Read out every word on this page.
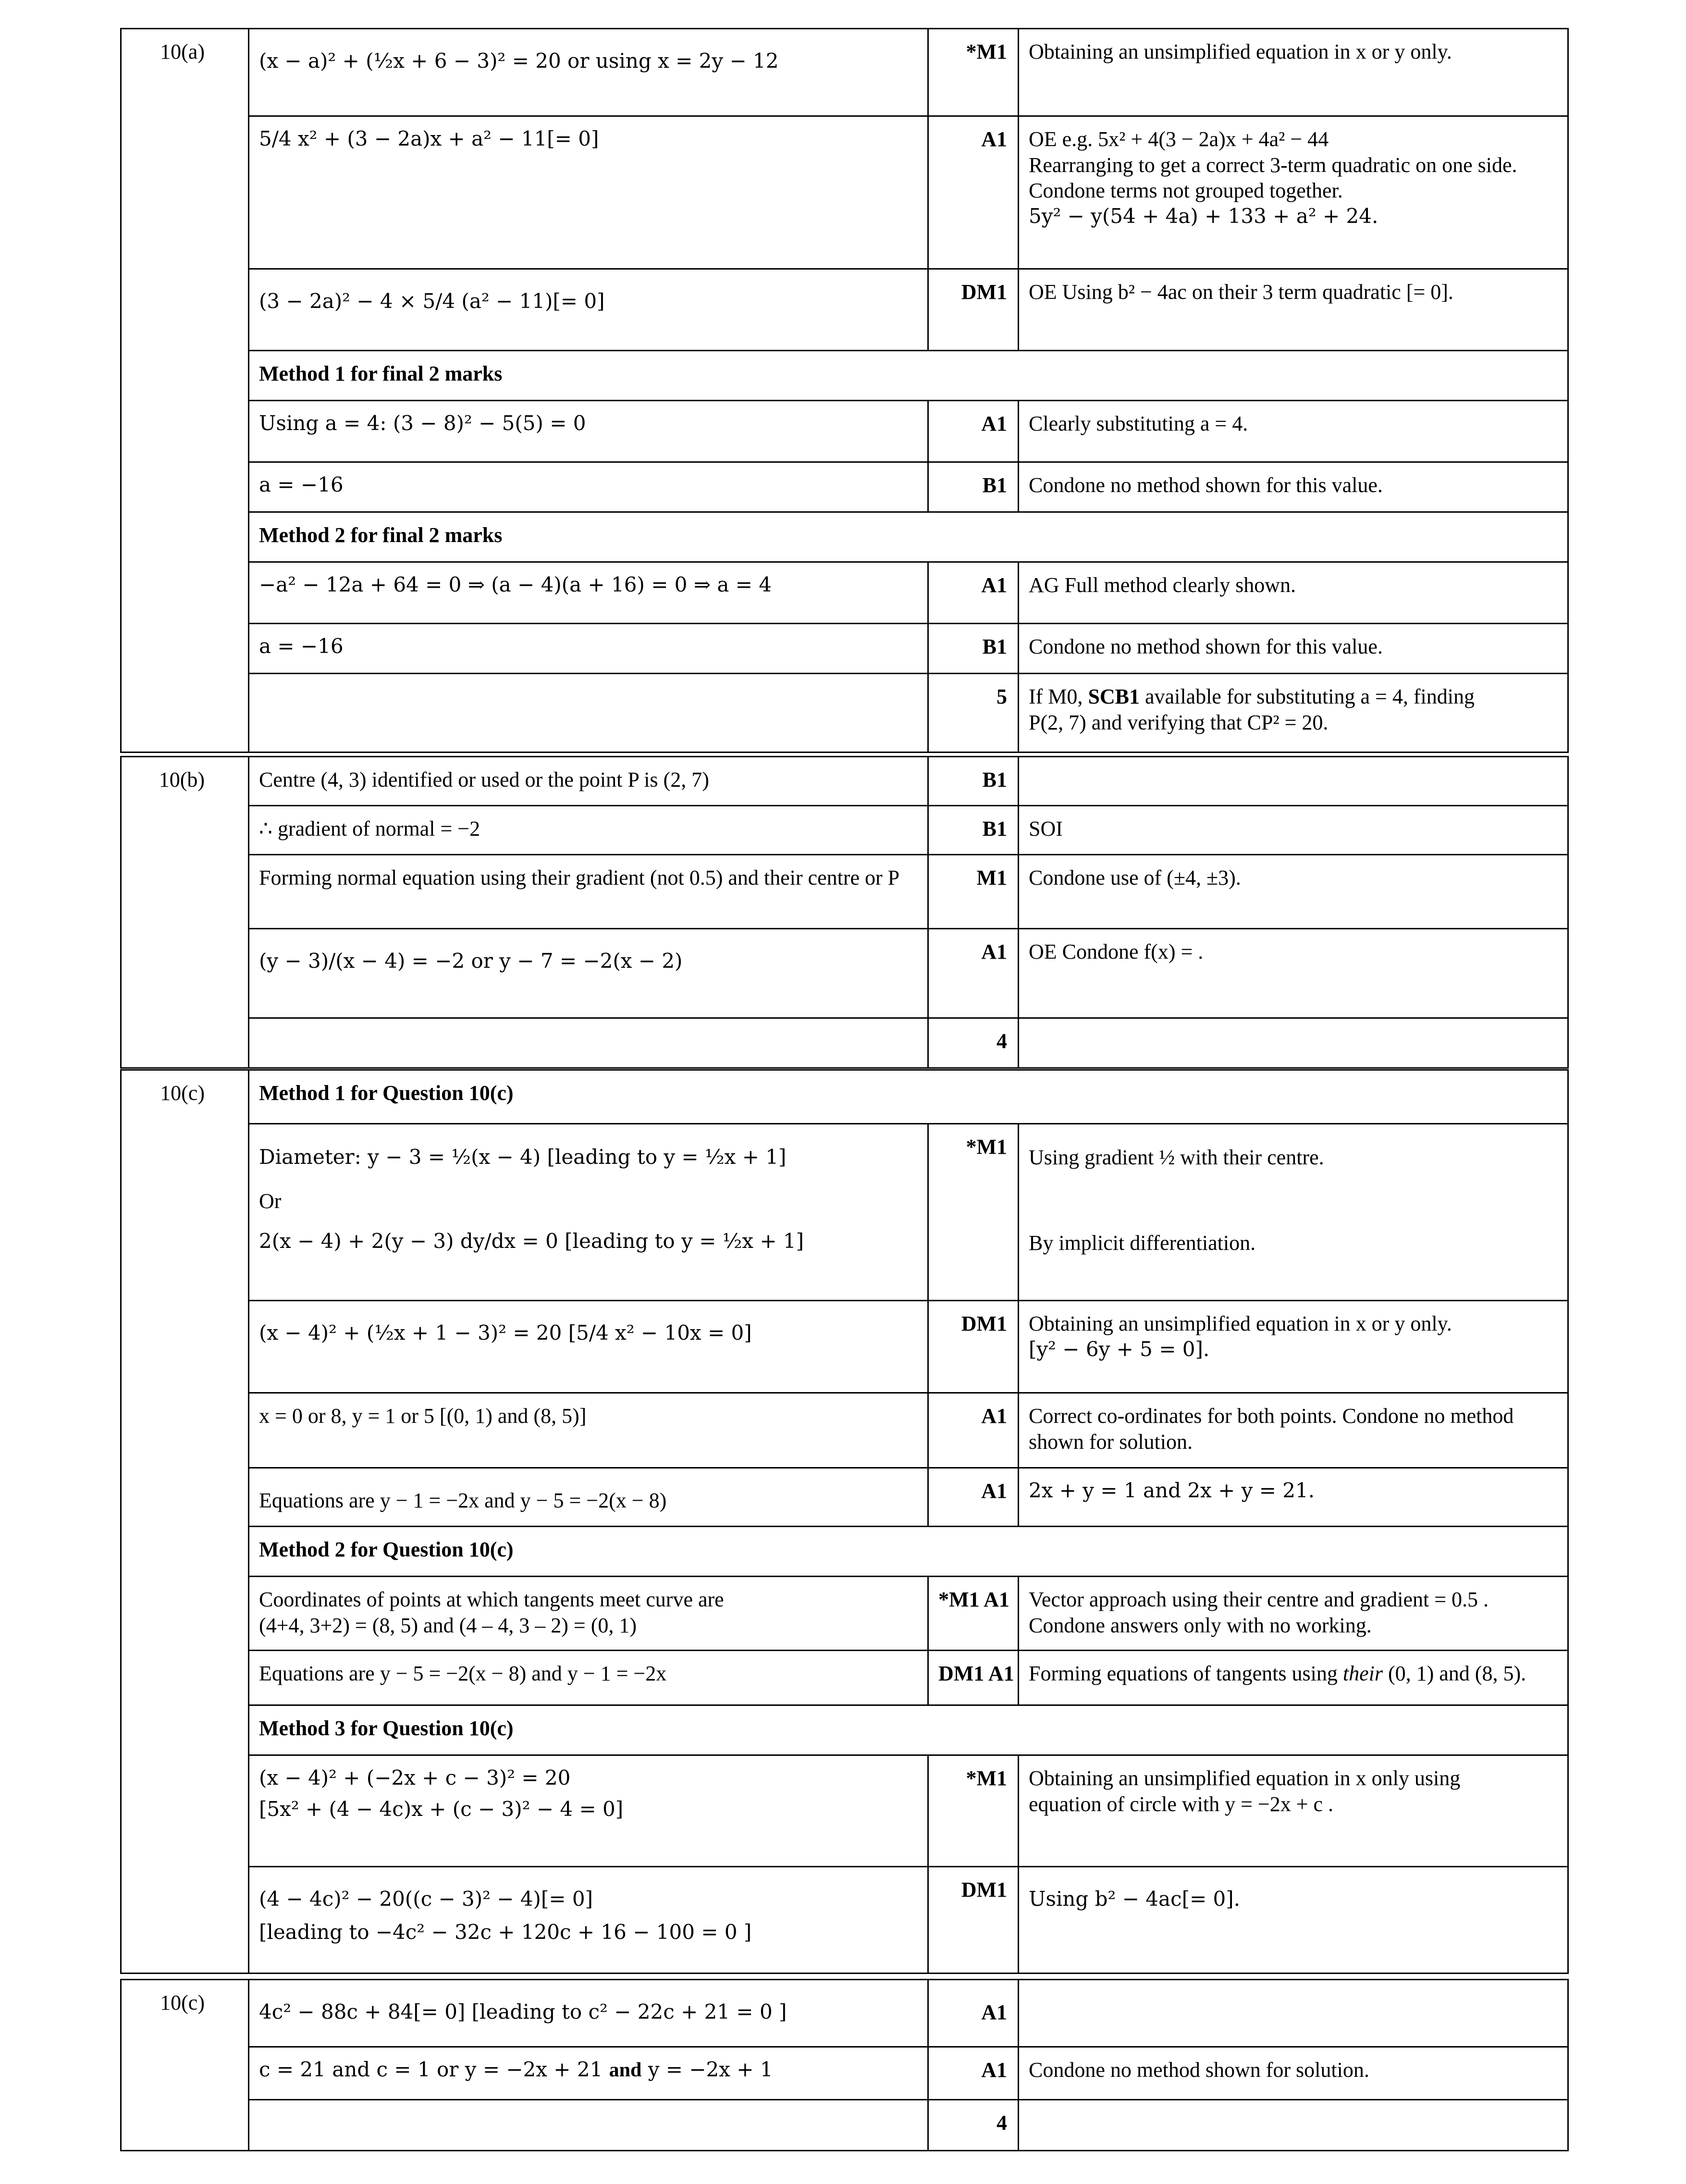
10(a)	(x − a)² + (½x + 6 − 3)² = 20 or using x = 2y − 12	*M1	Obtaining an unsimplified equation in x or y only.
	5/4 x² + (3 − 2a)x + a² − 11[= 0]	A1	OE e.g. 5x² + 4(3 − 2a)x + 4a² − 44
Rearranging to get a correct 3-term quadratic on one side.
Condone terms not grouped together.
5y² − y(54 + 4a) + 133 + a² + 24.

	(3 − 2a)² − 4 × 5/4 (a² − 11)[= 0]	DM1	OE Using b² − 4ac on their 3 term quadratic [= 0].
	Method 1 for final 2 marks		
	Using a = 4: (3 − 8)² − 5(5) = 0	A1	Clearly substituting a = 4.
	a = −16	B1	Condone no method shown for this value.
	Method 2 for final 2 marks		
	−a² − 12a + 64 = 0 ⇒ (a − 4)(a + 16) = 0 ⇒ a = 4	A1	AG Full method clearly shown.
	a = −16	B1	Condone no method shown for this value.
		5	If M0, SCB1 available for substituting a = 4, finding
P(2, 7) and verifying that CP² = 20.
10(b)	Centre (4, 3) identified or used or the point P is (2, 7)	B1	
	∴ gradient of normal = −2	B1	SOI
	Forming normal equation using their gradient (not 0.5) and their centre or P	M1	Condone use of (±4, ±3).
	(y − 3)/(x − 4) = −2 or y − 7 = −2(x − 2)	A1	OE Condone f(x) = .
		4	
10(c)	Method 1 for Question 10(c)		

	Diameter: y − 3 = ½(x − 4) [leading to y = ½x + 1]
Or
2(x − 4) + 2(y − 3) dy/dx = 0 [leading to y = ½x + 1]	*M1	Using gradient ½ with their centre.
By implicit differentiation.

	(x − 4)² + (½x + 1 − 3)² = 20 [5/4 x² − 10x = 0]	DM1	Obtaining an unsimplified equation in x or y only.
[y² − 6y + 5 = 0].

	x = 0 or 8, y = 1 or 5 [(0, 1) and (8, 5)]	A1	Correct co-ordinates for both points. Condone no method shown for solution.
	Equations are y − 1 = −2x and y − 5 = −2(x − 8)	A1	2x + y = 1 and 2x + y = 21.
	Method 2 for Question 10(c)		

	Coordinates of points at which tangents meet curve are
(4+4, 3+2) = (8, 5) and (4 – 4, 3 – 2) = (0, 1)	*M1 A1	Vector approach using their centre and gradient = 0.5 .
Condone answers only with no working.

	Equations are y − 5 = −2(x − 8) and y − 1 = −2x	DM1 A1	Forming equations of tangents using their (0, 1) and (8, 5).
	Method 3 for Question 10(c)		

	(x − 4)² + (−2x + c − 3)² = 20
[5x² + (4 − 4c)x + (c − 3)² − 4 = 0]	*M1	Obtaining an unsimplified equation in x only using
equation of circle with y = −2x + c .

	(4 − 4c)² − 20((c − 3)² − 4)[= 0]
[leading to −4c² − 32c + 120c + 16 − 100 = 0 ]	DM1	Using b² − 4ac[= 0].
10(c)	4c² − 88c + 84[= 0] [leading to c² − 22c + 21 = 0 ]	A1	
	c = 21 and c = 1 or y = −2x + 21 and y = −2x + 1	A1	Condone no method shown for solution.
		4	
